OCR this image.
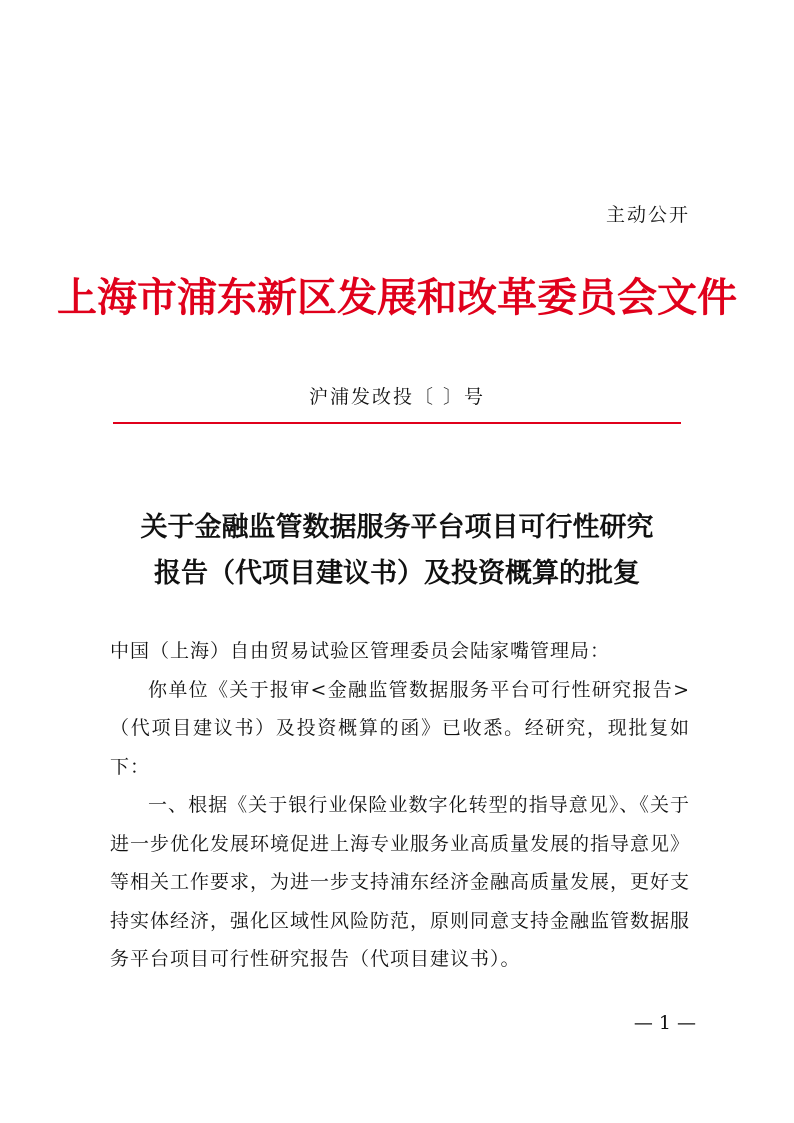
主动公开
上海市浦东新区发展和改革委员会文件
沪浦发改投〔 〕号
关于金融监管数据服务平台项目可行性研究
报告（代项目建议书）及投资概算的批复

中国（上海）自由贸易试验区管理委员会陆家嘴管理局：

你单位《关于报审<金融监管数据服务平台可行性研究报告>（代项目建议书）及投资概算的函》已收悉。经研究，现批复如下：

一、根据《关于银行业保险业数字化转型的指导意见》、《关于进一步优化发展环境促进上海专业服务业高质量发展的指导意见》等相关工作要求，为进一步支持浦东经济金融高质量发展，更好支持实体经济，强化区域性风险防范，原则同意支持金融监管数据服务平台项目可行性研究报告（代项目建议书）。

— 1 —
